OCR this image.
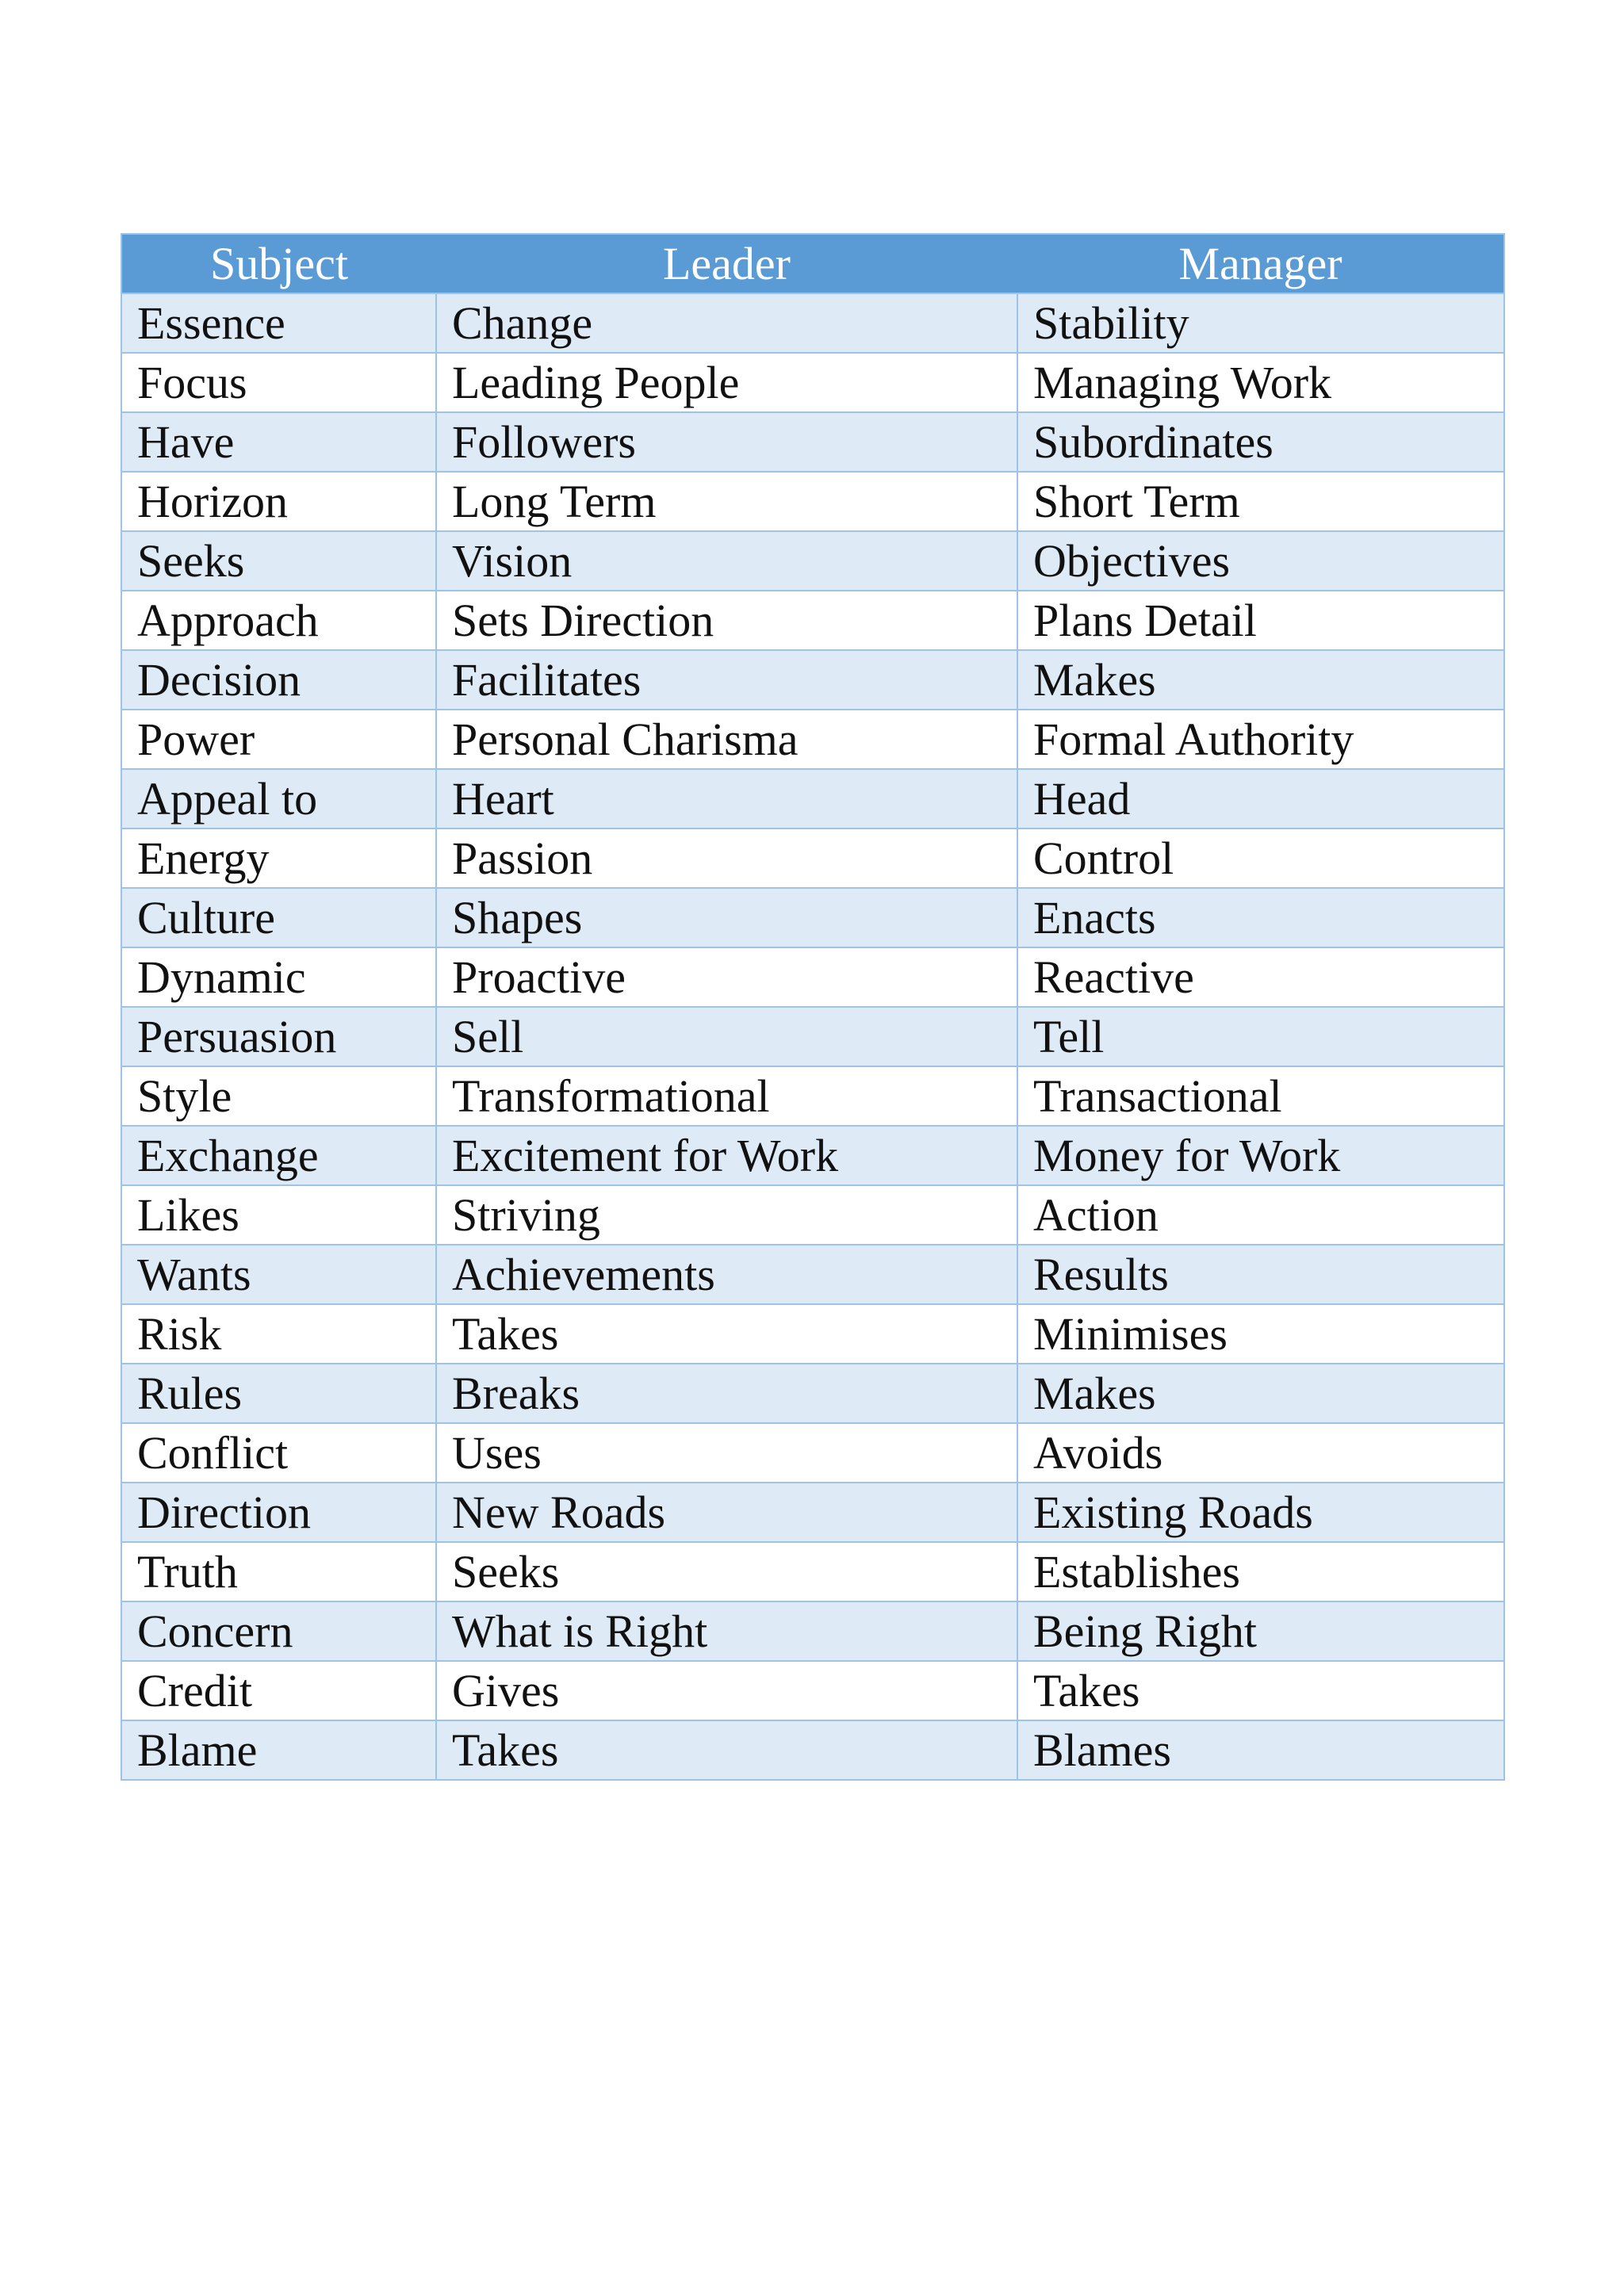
Subject	Leader	Manager
Essence	Change	Stability
Focus	Leading People	Managing Work
Have	Followers	Subordinates
Horizon	Long Term	Short Term
Seeks	Vision	Objectives
Approach	Sets Direction	Plans Detail
Decision	Facilitates	Makes
Power	Personal Charisma	Formal Authority
Appeal to	Heart	Head
Energy	Passion	Control
Culture	Shapes	Enacts
Dynamic	Proactive	Reactive
Persuasion	Sell	Tell
Style	Transformational	Transactional
Exchange	Excitement for Work	Money for Work
Likes	Striving	Action
Wants	Achievements	Results
Risk	Takes	Minimises
Rules	Breaks	Makes
Conflict	Uses	Avoids
Direction	New Roads	Existing Roads
Truth	Seeks	Establishes
Concern	What is Right	Being Right
Credit	Gives	Takes
Blame	Takes	Blames
